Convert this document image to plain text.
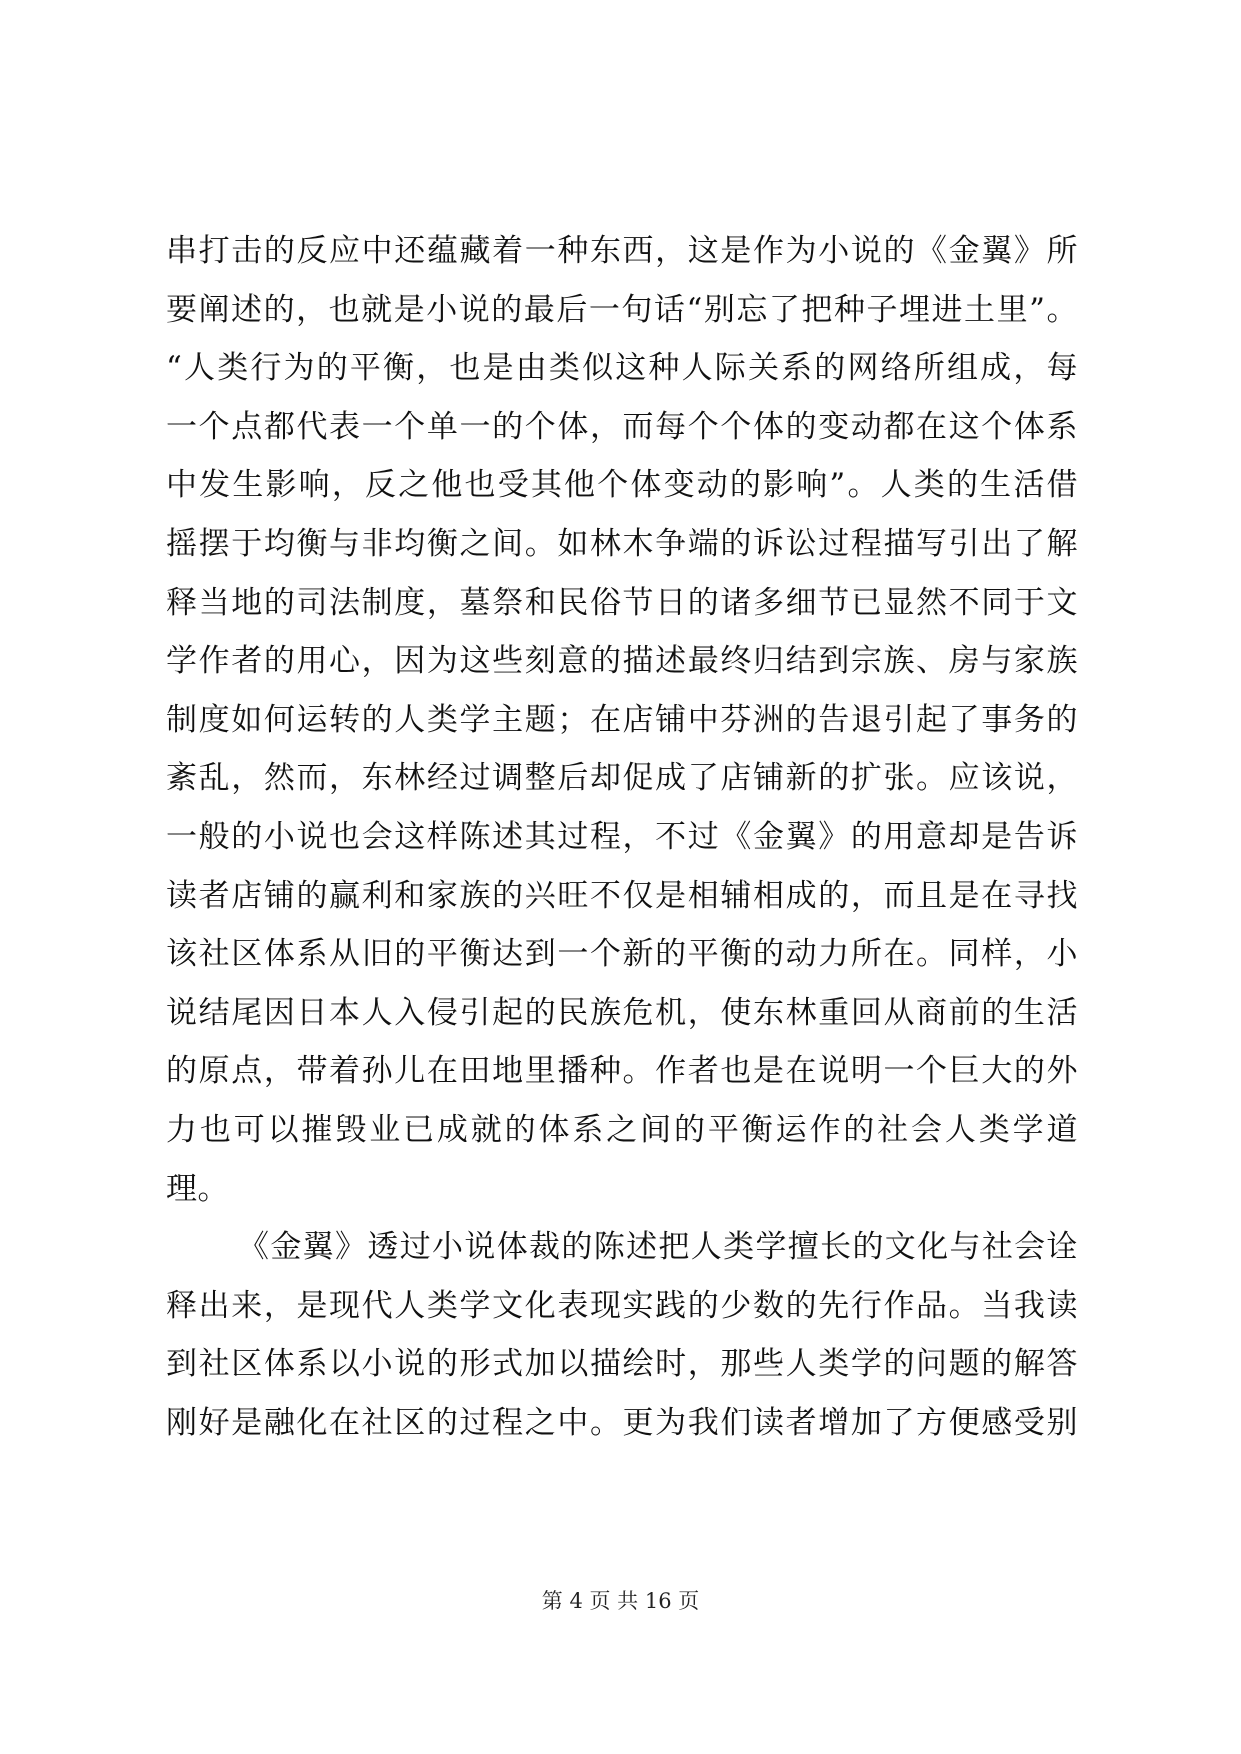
串打击的反应中还蕴藏着一种东西，这是作为小说的《金翼》所
要阐述的，也就是小说的最后一句话“别忘了把种子埋进土里”。
“人类行为的平衡，也是由类似这种人际关系的网络所组成，每
一个点都代表一个单一的个体，而每个个体的变动都在这个体系
中发生影响，反之他也受其他个体变动的影响”。人类的生活借
摇摆于均衡与非均衡之间。如林木争端的诉讼过程描写引出了解
释当地的司法制度，墓祭和民俗节日的诸多细节已显然不同于文
学作者的用心，因为这些刻意的描述最终归结到宗族、房与家族
制度如何运转的人类学主题；在店铺中芬洲的告退引起了事务的
紊乱，然而，东林经过调整后却促成了店铺新的扩张。应该说，
一般的小说也会这样陈述其过程，不过《金翼》的用意却是告诉
读者店铺的赢利和家族的兴旺不仅是相辅相成的，而且是在寻找
该社区体系从旧的平衡达到一个新的平衡的动力所在。同样，小
说结尾因日本人入侵引起的民族危机，使东林重回从商前的生活
的原点，带着孙儿在田地里播种。作者也是在说明一个巨大的外
力也可以摧毁业已成就的体系之间的平衡运作的社会人类学道
理。
《金翼》透过小说体裁的陈述把人类学擅长的文化与社会诠
释出来，是现代人类学文化表现实践的少数的先行作品。当我读
到社区体系以小说的形式加以描绘时，那些人类学的问题的解答
刚好是融化在社区的过程之中。更为我们读者增加了方便感受别
第 4 页 共 16 页
